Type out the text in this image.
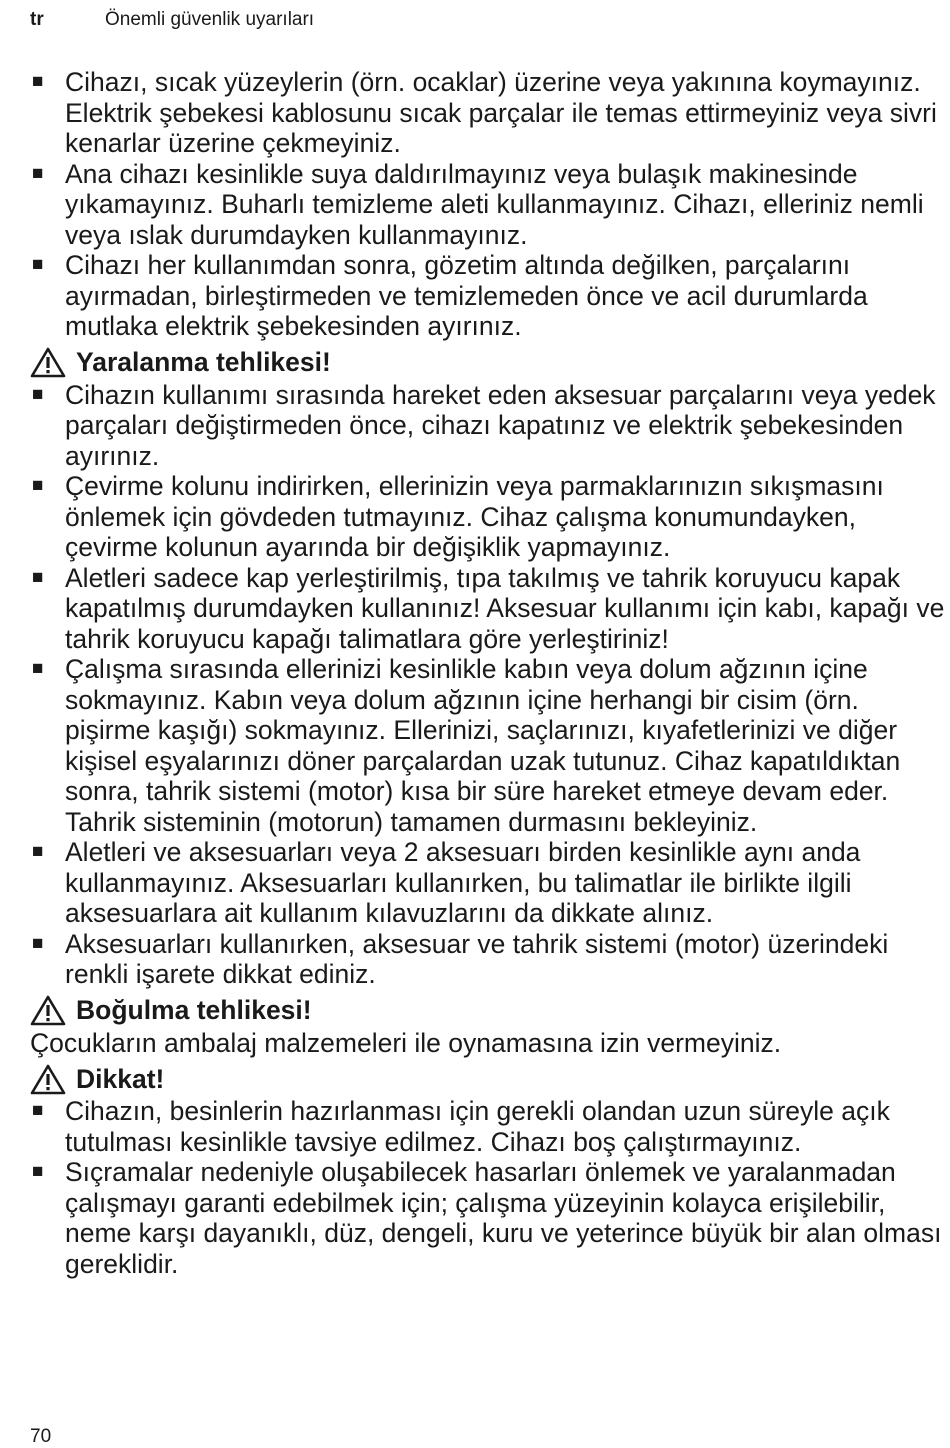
tr	Önemli güvenlik uyarıları
■ Cihazı, sıcak yüzeylerin (örn. ocaklar) üzerine veya yakınına koymayınız. Elektrik şebekesi kablosunu sıcak parçalar ile temas ettirmeyiniz veya sivri kenarlar üzerine çekmeyiniz.
■ Ana cihazı kesinlikle suya daldırılmayınız veya bulaşık makinesinde yıkamayınız. Buharlı temizleme aleti kullanmayınız. Cihazı, elleriniz nemli veya ıslak durumdayken kullanmayınız.
■ Cihazı her kullanımdan sonra, gözetim altında değilken, parçalarını ayırmadan, birleştirmeden ve temizlemeden önce ve acil durumlarda mutlaka elektrik şebekesinden ayırınız.
Yaralanma tehlikesi!
■ Cihazın kullanımı sırasında hareket eden aksesuar parçalarını veya yedek parçaları değiştirmeden önce, cihazı kapatınız ve elektrik şebekesinden ayırınız.
■ Çevirme kolunu indirirken, ellerinizin veya parmaklarınızın sıkışmasını önlemek için gövdeden tutmayınız. Cihaz çalışma konumundayken, çevirme kolunun ayarında bir değişiklik yapmayınız.
■ Aletleri sadece kap yerleştirilmiş, tıpa takılmış ve tahrik koruyucu kapak kapatılmış durumdayken kullanınız! Aksesuar kullanımı için kabı, kapağı ve tahrik koruyucu kapağı talimatlara göre yerleştiriniz!
■ Çalışma sırasında ellerinizi kesinlikle kabın veya dolum ağzının içine sokmayınız. Kabın veya dolum ağzının içine herhangi bir cisim (örn. pişirme kaşığı) sokmayınız. Ellerinizi, saçlarınızı, kıyafetlerinizi ve diğer kişisel eşyalarınızı döner parçalardan uzak tutunuz. Cihaz kapatıldıktan sonra, tahrik sistemi (motor) kısa bir süre hareket etmeye devam eder. Tahrik sisteminin (motorun) tamamen durmasını bekleyiniz.
■ Aletleri ve aksesuarları veya 2 aksesuarı birden kesinlikle aynı anda kullanmayınız. Aksesuarları kullanırken, bu talimatlar ile birlikte ilgili aksesuarlara ait kullanım kılavuzlarını da dikkate alınız.
■ Aksesuarları kullanırken, aksesuar ve tahrik sistemi (motor) üzerindeki renkli işarete dikkat ediniz.
Boğulma tehlikesi!
Çocukların ambalaj malzemeleri ile oynamasına izin vermeyiniz.
Dikkat!
■ Cihazın, besinlerin hazırlanması için gerekli olandan uzun süreyle açık tutulması kesinlikle tavsiye edilmez. Cihazı boş çalıştırmayınız.
■ Sıçramalar nedeniyle oluşabilecek hasarları önlemek ve yaralanmadan çalışmayı garanti edebilmek için; çalışma yüzeyinin kolayca erişilebilir, neme karşı dayanıklı, düz, dengeli, kuru ve yeterince büyük bir alan olması gereklidir.
70
